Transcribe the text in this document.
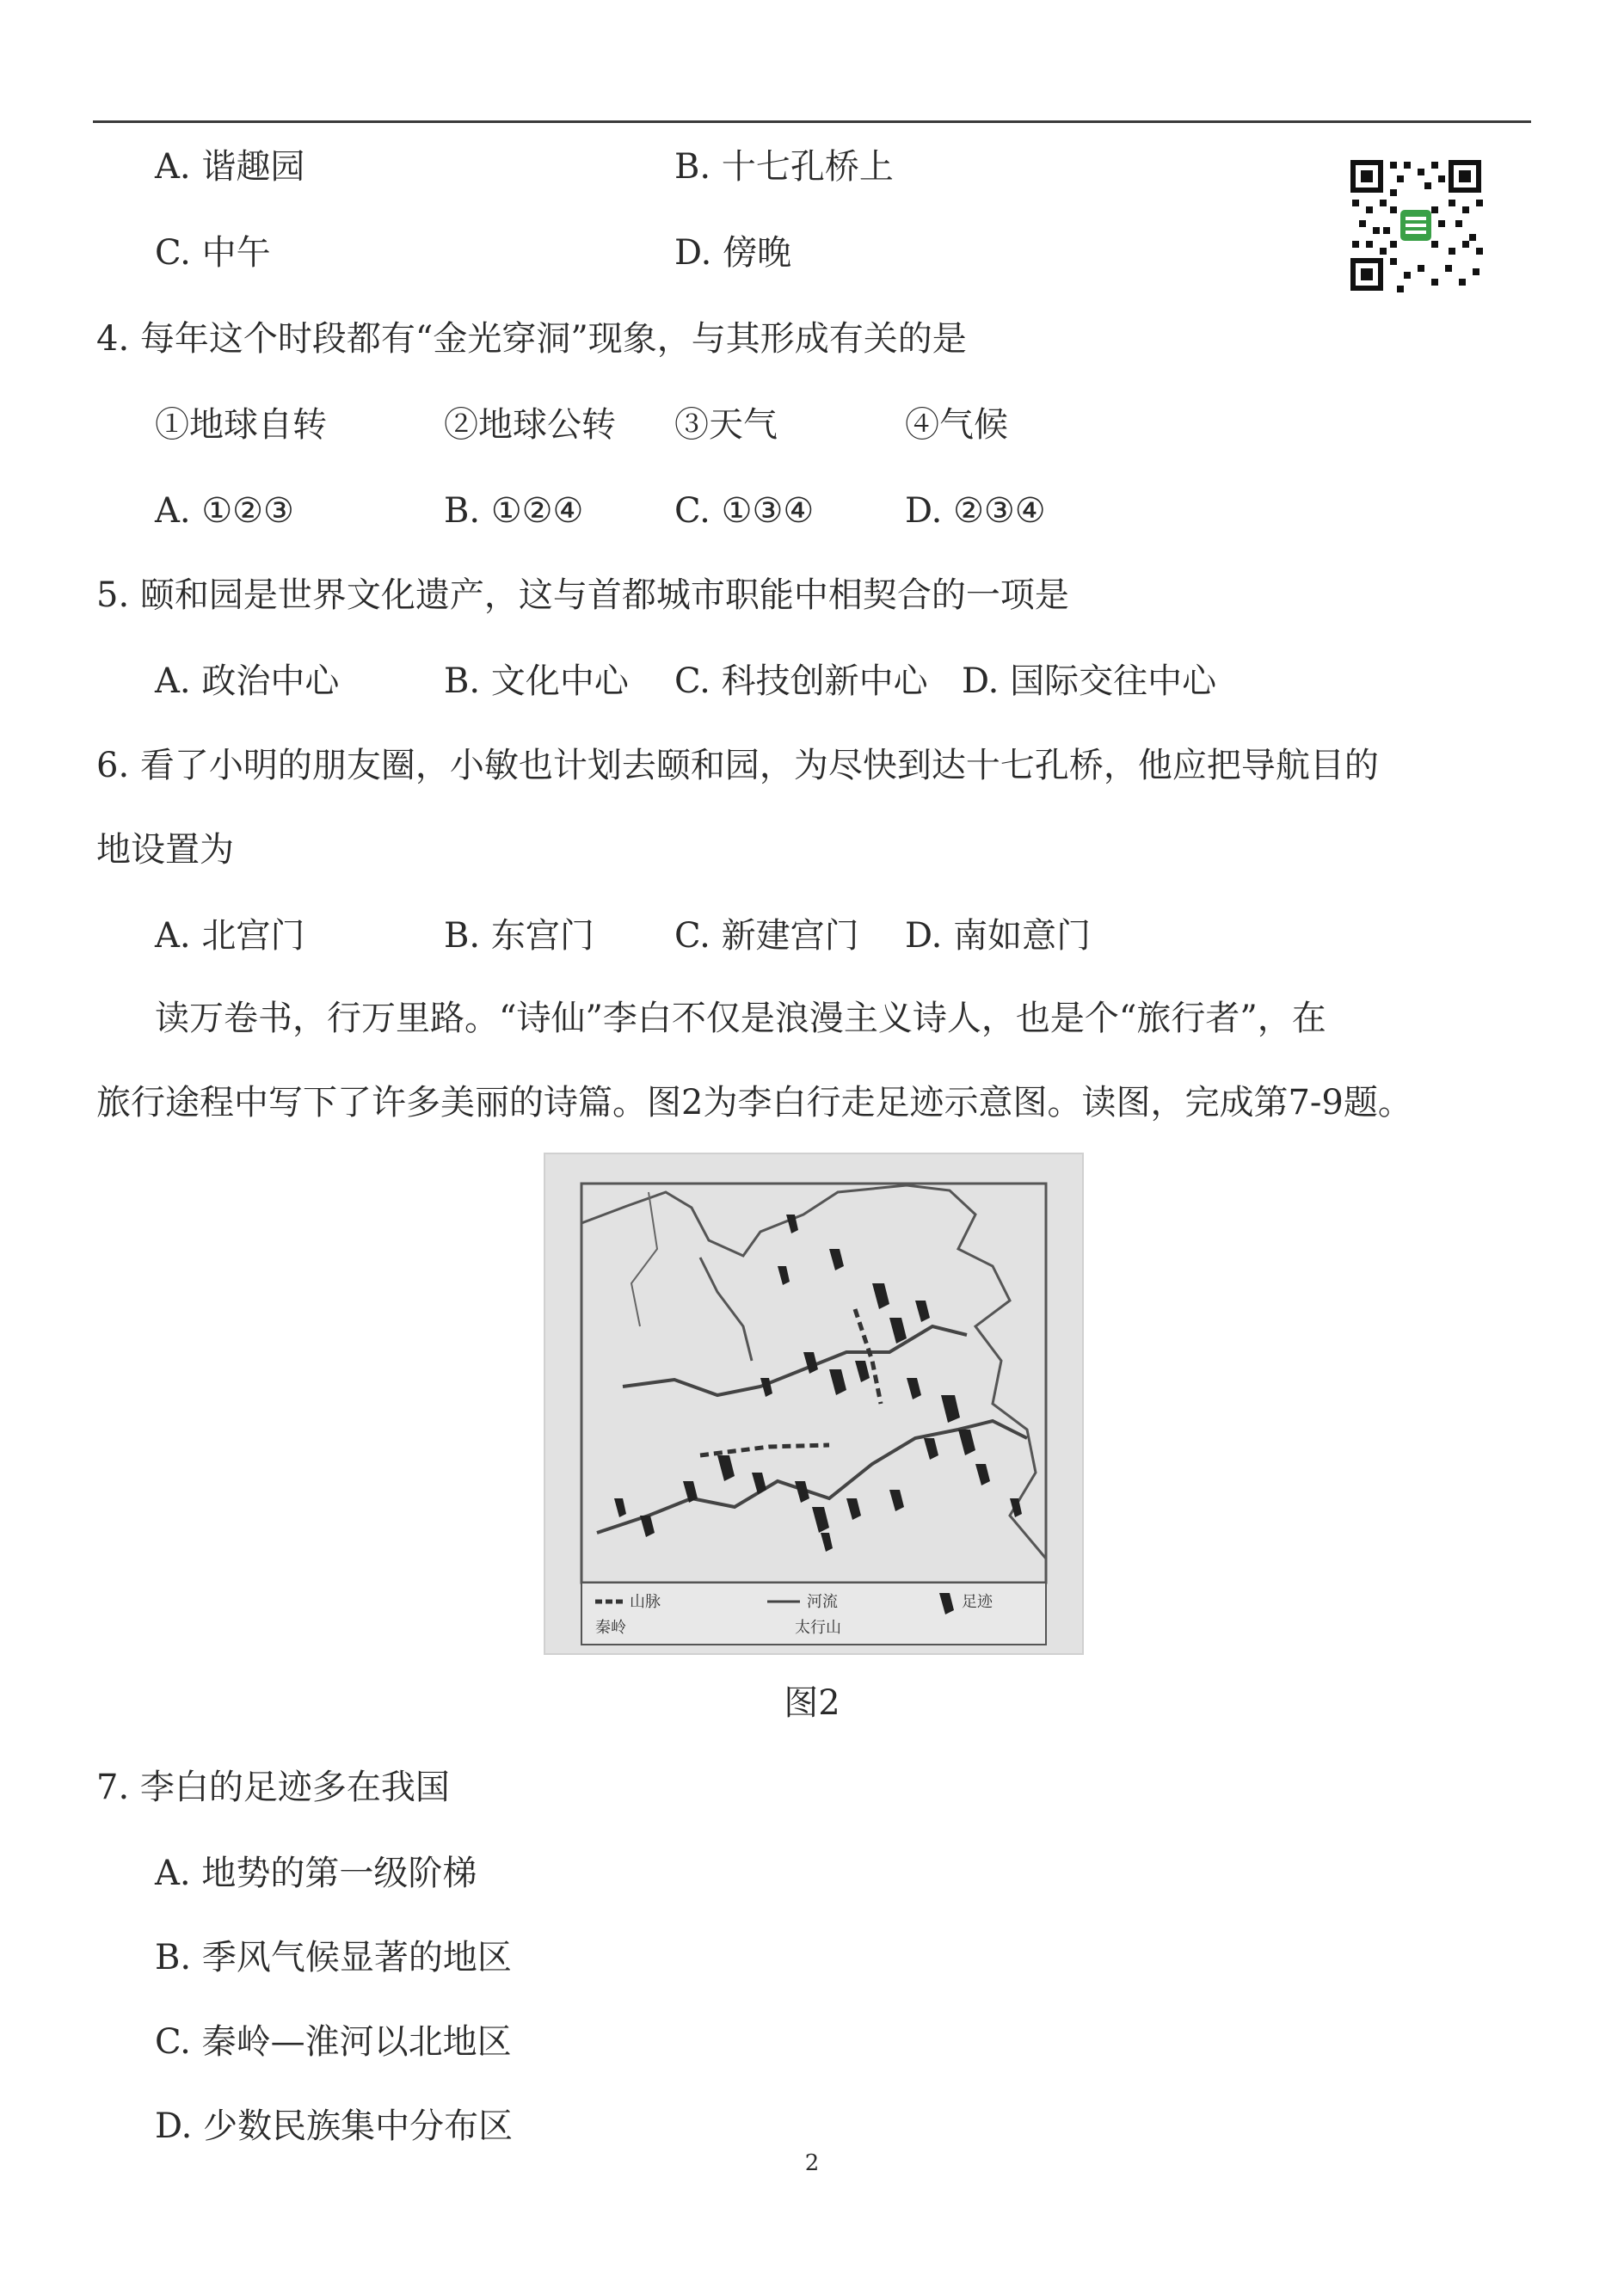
A. 谐趣园	B. 十七孔桥上
C. 中午	D. 傍晚
4. 每年这个时段都有“金光穿洞”现象，与其形成有关的是
①地球自转	②地球公转 ③天气	④气候
A. ①②③	B. ①②④	C. ①③④	D. ②③④
5. 颐和园是世界文化遗产，这与首都城市职能中相契合的一项是
A. 政治中心	B. 文化中心 C. 科技创新中心 D. 国际交往中心
6. 看了小明的朋友圈，小敏也计划去颐和园，为尽快到达十七孔桥，他应把导航目的
地设置为
A. 北宫门	B. 东宫门 C. 新建宫门 D. 南如意门
读万卷书，行万里路。“诗仙”李白不仅是浪漫主义诗人，也是个“旅行者”，在
旅行途程中写下了许多美丽的诗篇。图2为李白行走足迹示意图。读图，完成第7-9题。
山脉
秦岭
河流
太行山
足迹
图2
7. 李白的足迹多在我国
A. 地势的第一级阶梯
B. 季风气候显著的地区
C. 秦岭—淮河以北地区
D. 少数民族集中分布区
2
